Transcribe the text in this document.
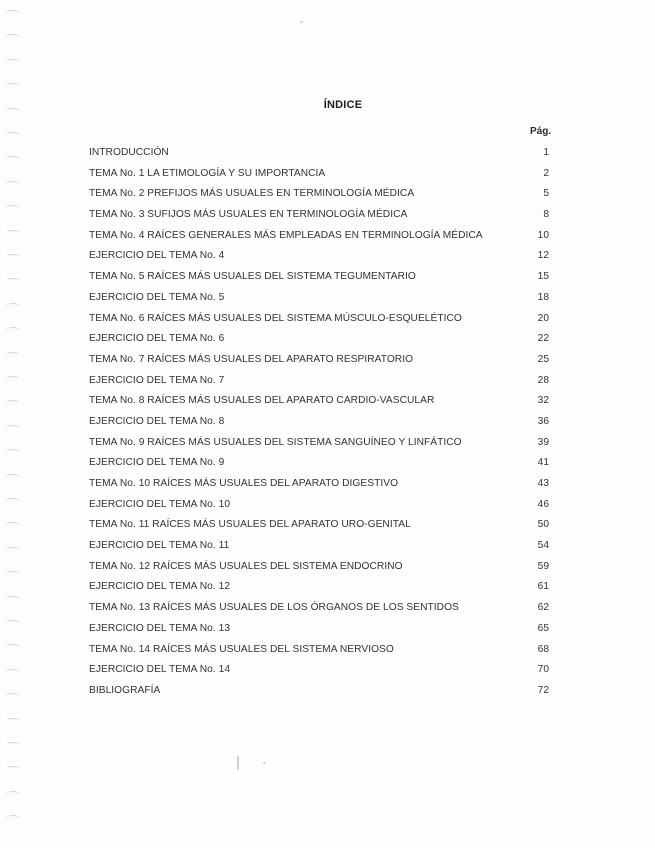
ÍNDICE
Pág.
INTRODUCCIÓN	1
TEMA No. 1 LA ETIMOLOGÍA Y SU IMPORTANCIA	2
TEMA No. 2 PREFIJOS MÁS USUALES EN TERMINOLOGÍA MÉDICA	5
TEMA No. 3 SUFIJOS MÁS USUALES EN TERMINOLOGÍA MÉDICA	8
TEMA No. 4 RAÍCES GENERALES MÁS EMPLEADAS EN TERMINOLOGÍA MÉDICA	10
EJERCICIO DEL TEMA No. 4	12
TEMA No. 5 RAÍCES MÁS USUALES DEL SISTEMA TEGUMENTARIO	15
EJERCICIO DEL TEMA No. 5	18
TEMA No. 6 RAÍCES MÁS USUALES DEL SISTEMA MÚSCULO-ESQUELÉTICO	20
EJERCICIO DEL TEMA No. 6	22
TEMA No. 7 RAÍCES MÁS USUALES DEL APARATO RESPIRATORIO	25
EJERCICIO DEL TEMA No. 7	28
TEMA No. 8 RAÍCES MÁS USUALES DEL APARATO CARDIO-VASCULAR	32
EJERCICIO DEL TEMA No. 8	36
TEMA No. 9 RAÍCES MÁS USUALES DEL SISTEMA SANGUÍNEO Y LINFÁTICO	39
EJERCICIO DEL TEMA No. 9	41
TEMA No. 10 RAÍCES MÁS USUALES DEL APARATO DIGESTIVO	43
EJERCICIO DEL TEMA No. 10	46
TEMA No. 11 RAÍCES MÁS USUALES DEL APARATO URO-GENITAL	50
EJERCICIO DEL TEMA No. 11	54
TEMA No. 12 RAÍCES MÁS USUALES DEL SISTEMA ENDOCRINO	59
EJERCICIO DEL TEMA No. 12	61
TEMA No. 13 RAÍCES MÁS USUALES DE LOS ÓRGANOS DE LOS SENTIDOS	62
EJERCICIO DEL TEMA No. 13	65
TEMA No. 14 RAÍCES MÁS USUALES DEL SISTEMA NERVIOSO	68
EJERCICIO DEL TEMA No. 14	70
BIBLIOGRAFÍA	72
